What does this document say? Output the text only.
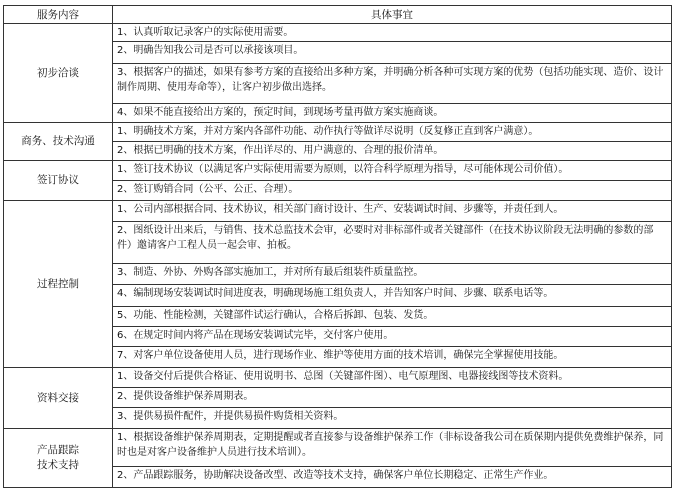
服务内容	具体事宜
初步洽谈	1、认真听取记录客户的实际使用需要。
	2、明确告知我公司是否可以承接该项目。
	3、根据客户的描述，如果有参考方案的直接给出多种方案，并明确分析各种可实现方案的优势（包括功能实现、造价、设计制作周期、使用寿命等），让客户初步做出选择。
	4、如果不能直接给出方案的，预定时间，到现场考量再做方案实施商谈。
商务、技术沟通	1、明确技术方案，并对方案内各部件功能、动作执行等做详尽说明（反复修正直到客户满意）。
	2、根据已明确的技术方案，作出详尽的、用户满意的、合理的报价清单。
签订协议	1、签订技术协议（以满足客户实际使用需要为原则，以符合科学原理为指导，尽可能体现公司价值）。
	2、签订购销合同（公平、公正、合理）。
过程控制	1、公司内部根据合同、技术协议，相关部门商讨设计、生产、安装调试时间、步骤等，并责任到人。
	2、图纸设计出来后，与销售、技术总监技术会审，必要时对非标部件或者关键部件（在技术协议阶段无法明确的参数的部件）邀请客户工程人员一起会审、拍板。
	3、制造、外协、外购各部实施加工，并对所有最后组装件质量监控。
	4、编制现场安装调试时间进度表，明确现场施工组负责人，并告知客户时间、步骤、联系电话等。
	5、功能、性能检测，关键部件试运行确认，合格后拆卸、包装、发货。
	6、在规定时间内将产品在现场安装调试完毕，交付客户使用。
	7、对客户单位设备使用人员，进行现场作业、维护等使用方面的技术培训，确保完全掌握使用技能。
资料交接	1、设备交付后提供合格证、使用说明书、总图（关键部件图）、电气原理图、电器接线图等技术资料。
	2、提供设备维护保养周期表。
	3、提供易损件配件，并提供易损件购货相关资料。
产品跟踪
技术支持	1、根据设备维护保养周期表，定期提醒或者直接参与设备维护保养工作（非标设备我公司在质保期内提供免费维护保养，同时也是对客户设备维护人员进行技术培训）。
	2、产品跟踪服务，协助解决设备改型、改造等技术支持，确保客户单位长期稳定、正常生产作业。
